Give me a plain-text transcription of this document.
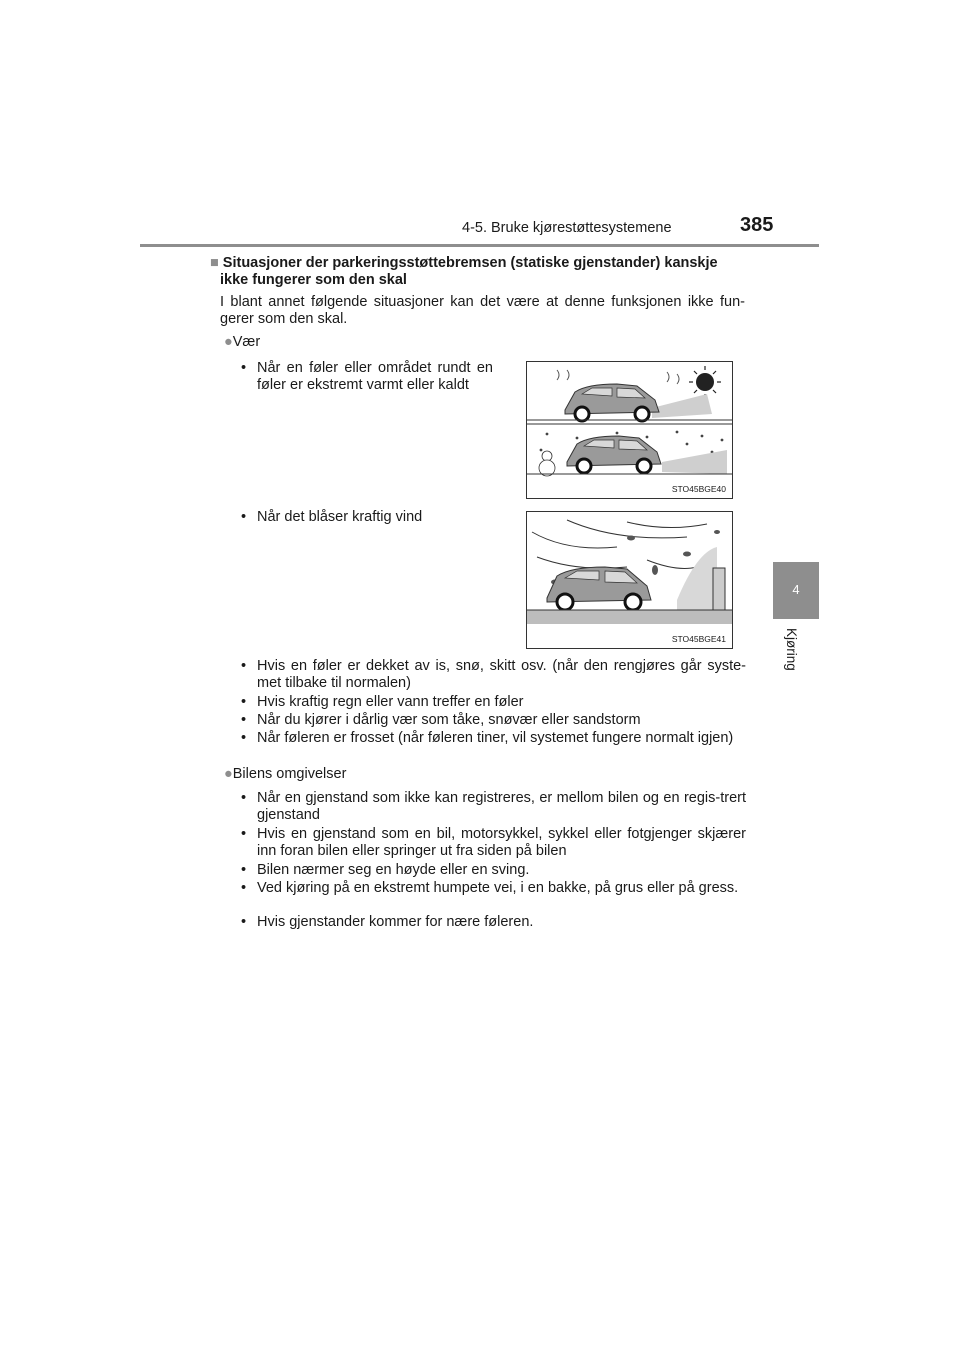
4-5. Bruke kjørestøttesystemene	385
4
Kjøring
■ Situasjoner der parkeringsstøttebremsen (statiske gjenstander) kanskje
ikke fungerer som den skal
I blant annet følgende situasjoner kan det være at denne funksjonen ikke fun-gerer som den skal.
●Vær
• Når en føler eller området rundt en føler er ekstremt varmt eller kaldt
STO45BGE40
• Når det blåser kraftig vind
STO45BGE41
• Hvis en føler er dekket av is, snø, skitt osv. (når den rengjøres går syste-met tilbake til normalen)
• Hvis kraftig regn eller vann treffer en føler
• Når du kjører i dårlig vær som tåke, snøvær eller sandstorm
• Når føleren er frosset (når føleren tiner, vil systemet fungere normalt igjen)
●Bilens omgivelser
• Når en gjenstand som ikke kan registreres, er mellom bilen og en regis-trert gjenstand
• Hvis en gjenstand som en bil, motorsykkel, sykkel eller fotgjenger skjærer inn foran bilen eller springer ut fra siden på bilen
• Bilen nærmer seg en høyde eller en sving.
• Ved kjøring på en ekstremt humpete vei, i en bakke, på grus eller på gress.
• Hvis gjenstander kommer for nære føleren.
